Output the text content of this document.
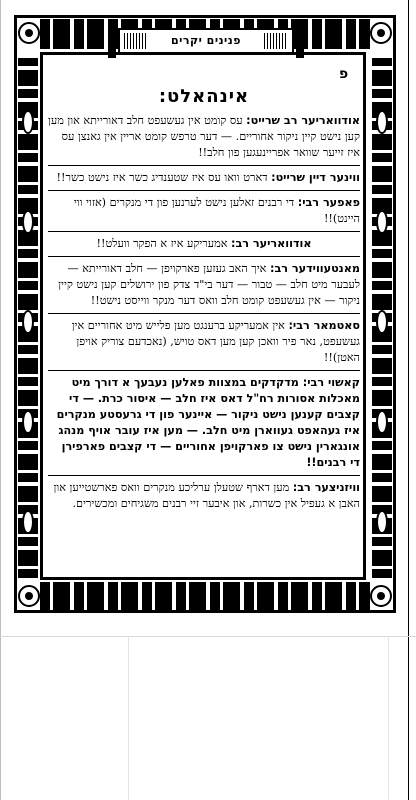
פנינים יקרים
פ
אינהאלט:

אודוואריער רב שרייט: עס קומט אין געשעפט חלב דאורייתא און מען קען נישט קיין ניקור אחוריים. — דער טרפש קומט אריין אין גאנצן עס איז זייער שוואר אפריינעגען פון חלב!!

ווינער דיין שרייט: דארט וואו עס איז שטענדיג כשר איז נישט כשר!!

פאפער רבי: די רבנים זאלען נישט לערנען פון די מנקרים (אזוי ווי היינט)!!

אודוואריער רב: אמעריקע איז א הפקר וועלט!!

מאנטעווידער רב: איך האב געזען פארקויפן — חלב דאורייתא — לעבער מיט חלב — טבור — דער בי"ד צדק פון ירושלים קען נישט קיין ניקור — אין געשעפט קומט חלב וואס דער מנקר ווייסט נישט!!

סאטמאר רבי: אין אמעריקע ברענגט מען פלייש מיט אחוריים אין געשעפט, נאר פיר וואכן קען מען דאס טויש, (נאכדעם צוריק אויפן האטן)!!

קאשוי רבי: מדקדקים במצוות פאלען נעבעך א דורך מיט מאכלות אסורות רח"ל דאס איז חלב — איסור כרת. — די קצבים קענען נישט ניקור — איינער פון די גרעסטע מנקרים איז געהאפט געווארן מיט חלב. — מען איז עובר אויף מנהג אונגארין נישט צו פארקויפן אחוריים — די קצבים פארפירן די רבנים!!

וויזניצער רב: מען דארף שטעלן ערליכע מנקרים וואס פארשטייען און האבן א געפיל אין כשרות, און איבער זיי רבנים משגיחים ומכשירים.
